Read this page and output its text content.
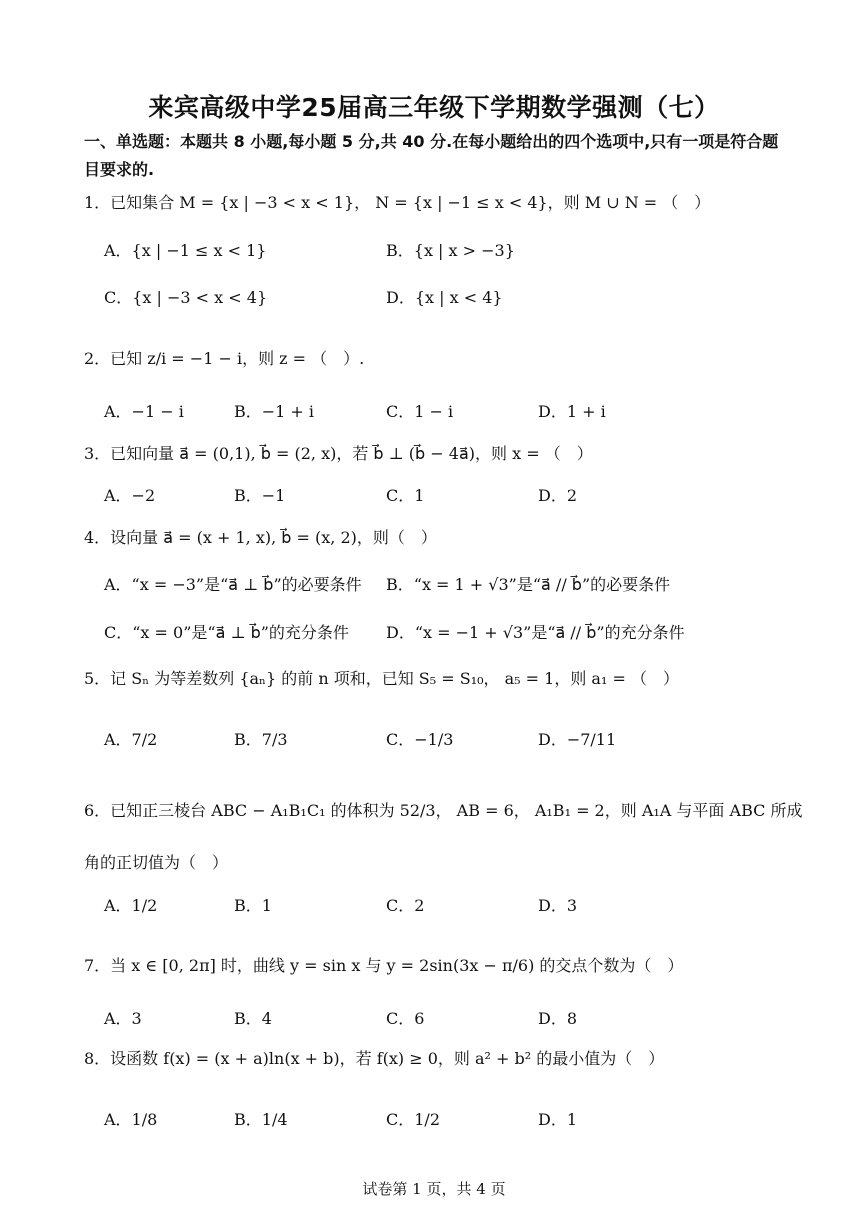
来宾高级中学25届高三年级下学期数学强测（七）
一、单选题：本题共 8 小题,每小题 5 分,共 40 分.在每小题给出的四个选项中,只有一项是符合题目要求的.
1．已知集合 M = {x | −3 < x < 1}， N = {x | −1 ≤ x < 4}，则 M ∪ N = （　）
A．{x | −1 ≤ x < 1}	B．{x | x > −3}
C．{x | −3 < x < 4}	D．{x | x < 4}
2．已知 z/i = −1 − i，则 z = （　）.
A．−1 − i	B．−1 + i	C．1 − i	D．1 + i
3．已知向量 a⃗ = (0,1), b⃗ = (2, x)，若 b⃗ ⊥ (b⃗ − 4a⃗)，则 x = （　）
A．−2	B．−1	C．1	D．2
4．设向量 a⃗ = (x + 1, x), b⃗ = (x, 2)，则（　）
A．“x = −3”是“a⃗ ⊥ b⃗”的必要条件 B．“x = 1 + √3”是“a⃗ // b⃗”的必要条件
C．“x = 0”是“a⃗ ⊥ b⃗”的充分条件 D．“x = −1 + √3”是“a⃗ // b⃗”的充分条件
5．记 Sₙ 为等差数列 {aₙ} 的前 n 项和，已知 S₅ = S₁₀， a₅ = 1，则 a₁ = （　）
A．7/2	B．7/3	C．−1/3	D．−7/11
6．已知正三棱台 ABC − A₁B₁C₁ 的体积为 52/3， AB = 6， A₁B₁ = 2，则 A₁A 与平面 ABC 所成
角的正切值为（　）
A．1/2	B．1	C．2	D．3
7．当 x ∈ [0, 2π] 时，曲线 y = sin x 与 y = 2sin(3x − π/6) 的交点个数为（　）
A．3	B．4	C．6	D．8
8．设函数 f(x) = (x + a)ln(x + b)，若 f(x) ≥ 0，则 a² + b² 的最小值为（　）
A．1/8	B．1/4	C．1/2	D．1
试卷第 1 页，共 4 页
